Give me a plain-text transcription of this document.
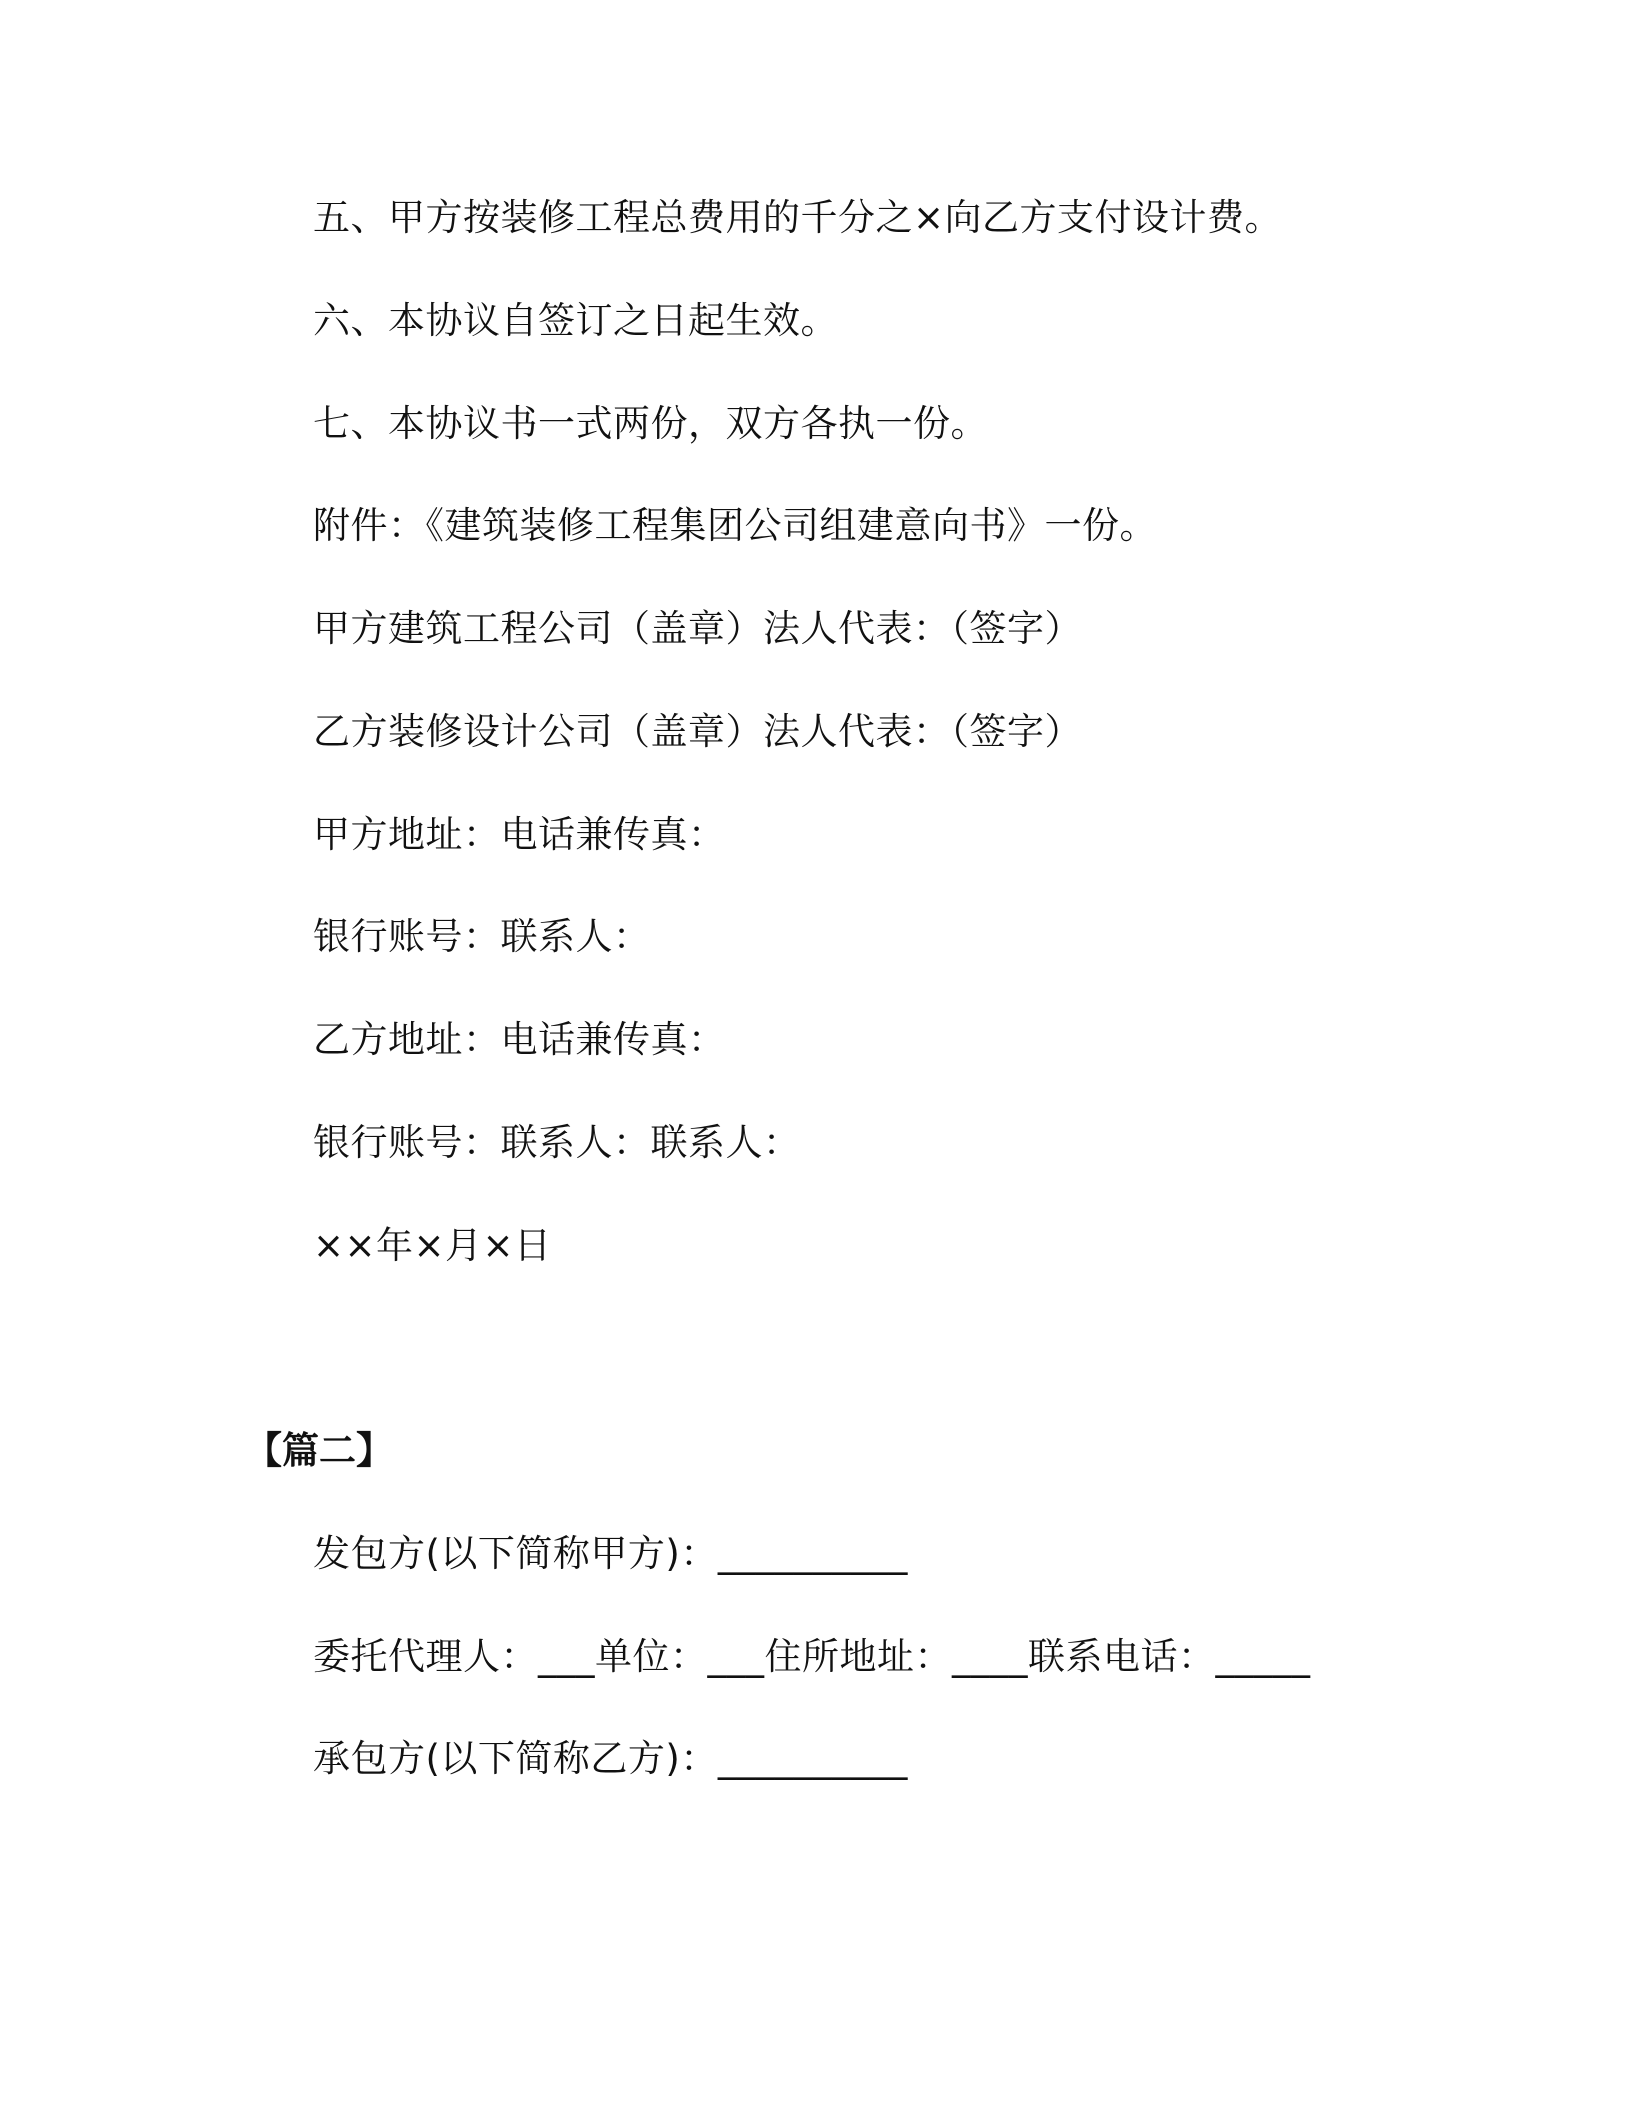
五、甲方按装修工程总费用的千分之×向乙方支付设计费。
六、本协议自签订之日起生效。
七、本协议书一式两份，双方各执一份。
附件：《建筑装修工程集团公司组建意向书》一份。
甲方建筑工程公司（盖章）法人代表：（签字）
乙方装修设计公司（盖章）法人代表：（签字）
甲方地址：电话兼传真：
银行账号：联系人：
乙方地址：电话兼传真：
银行账号：联系人：联系人：
××年×月×日
【篇二】
发包方(以下简称甲方)：__________
委托代理人：___单位：___住所地址：____联系电话：_____
承包方(以下简称乙方)：__________
